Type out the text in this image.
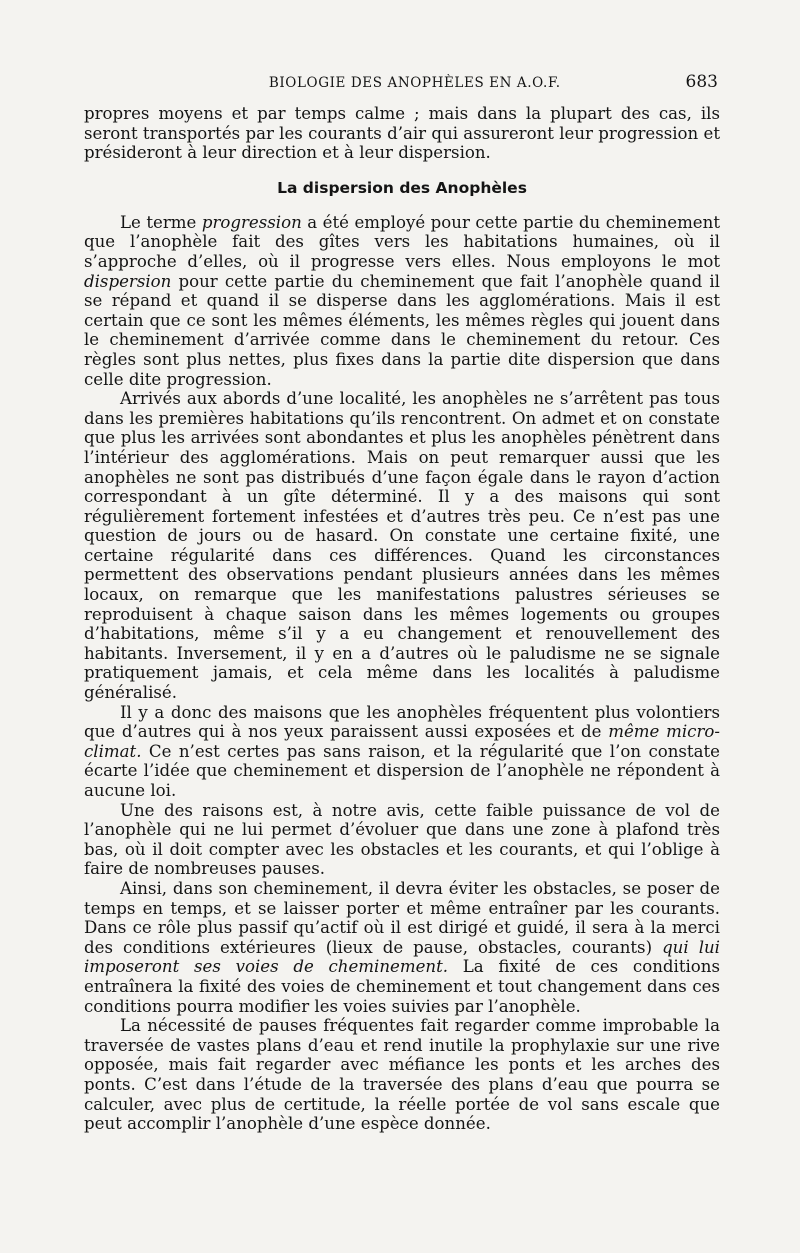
BIOLOGIE DES ANOPHÈLES EN A.O.F.	683

propres moyens et par temps calme ; mais dans la plupart des cas, ils seront transportés par les courants d’air qui assureront leur progression et présideront à leur direction et à leur dispersion.

La dispersion des Anophèles

Le terme progression a été employé pour cette partie du cheminement que l’anophèle fait des gîtes vers les habitations humaines, où il s’approche d’elles, où il progresse vers elles. Nous employons le mot dispersion pour cette partie du cheminement que fait l’anophèle quand il se répand et quand il se disperse dans les agglomérations. Mais il est certain que ce sont les mêmes éléments, les mêmes règles qui jouent dans le cheminement d’arrivée comme dans le cheminement du retour. Ces règles sont plus nettes, plus fixes dans la partie dite dispersion que dans celle dite progression.

Arrivés aux abords d’une localité, les anophèles ne s’arrêtent pas tous dans les premières habitations qu’ils rencontrent. On admet et on constate que plus les arrivées sont abondantes et plus les anophèles pénètrent dans l’intérieur des agglomérations. Mais on peut remarquer aussi que les anophèles ne sont pas distribués d’une façon égale dans le rayon d’action correspondant à un gîte déterminé. Il y a des maisons qui sont régulièrement fortement infestées et d’autres très peu. Ce n’est pas une question de jours ou de hasard. On constate une certaine fixité, une certaine régularité dans ces différences. Quand les circonstances permettent des observations pendant plusieurs années dans les mêmes locaux, on remarque que les manifestations palustres sérieuses se reproduisent à chaque saison dans les mêmes logements ou groupes d’habitations, même s’il y a eu changement et renouvellement des habitants. Inversement, il y en a d’autres où le paludisme ne se signale pratiquement jamais, et cela même dans les localités à paludisme généralisé.

Il y a donc des maisons que les anophèles fréquentent plus volontiers que d’autres qui à nos yeux paraissent aussi exposées et de même micro-climat. Ce n’est certes pas sans raison, et la régularité que l’on constate écarte l’idée que cheminement et dispersion de l’anophèle ne répondent à aucune loi.

Une des raisons est, à notre avis, cette faible puissance de vol de l’anophèle qui ne lui permet d’évoluer que dans une zone à plafond très bas, où il doit compter avec les obstacles et les courants, et qui l’oblige à faire de nombreuses pauses.

Ainsi, dans son cheminement, il devra éviter les obstacles, se poser de temps en temps, et se laisser porter et même entraîner par les courants. Dans ce rôle plus passif qu’actif où il est dirigé et guidé, il sera à la merci des conditions extérieures (lieux de pause, obstacles, courants) qui lui imposeront ses voies de cheminement. La fixité de ces conditions entraînera la fixité des voies de cheminement et tout changement dans ces conditions pourra modifier les voies suivies par l’anophèle.

La nécessité de pauses fréquentes fait regarder comme improbable la traversée de vastes plans d’eau et rend inutile la prophylaxie sur une rive opposée, mais fait regarder avec méfiance les ponts et les arches des ponts. C’est dans l’étude de la traversée des plans d’eau que pourra se calculer, avec plus de certitude, la réelle portée de vol sans escale que peut accomplir l’anophèle d’une espèce donnée.
